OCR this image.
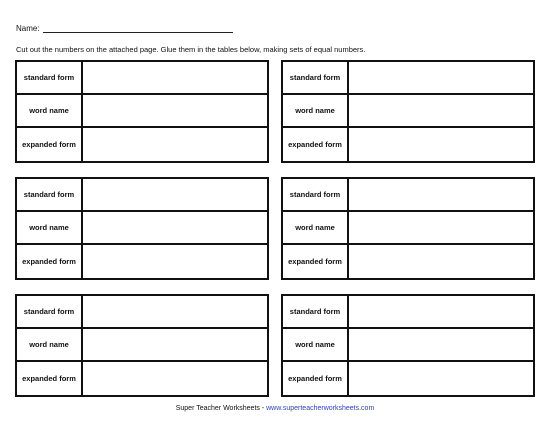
Name:
Cut out the numbers on the attached page. Glue them in the tables below, making sets of equal numbers.
standard form
word name
expanded form
standard form
word name
expanded form
standard form
word name
expanded form
standard form
word name
expanded form
standard form
word name
expanded form
standard form
word name
expanded form
Super Teacher Worksheets - www.superteacherworksheets.com
